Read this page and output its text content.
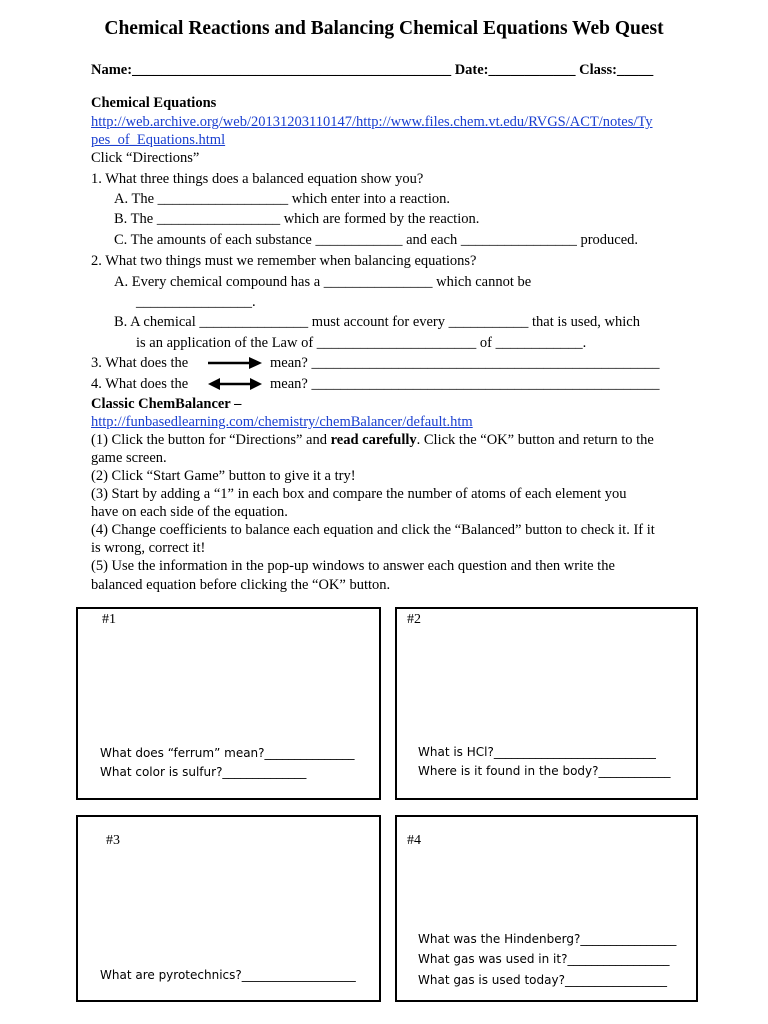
Chemical Reactions and Balancing Chemical Equations Web Quest
Name:____________________________________________ Date:____________ Class:_____
Chemical Equations
http://web.archive.org/web/20131203110147/http://www.files.chem.vt.edu/RVGS/ACT/notes/Ty
pes_of_Equations.html
Click “Directions”
1. What three things does a balanced equation show you?
A. The __________________ which enter into a reaction.
B. The _________________ which are formed by the reaction.
C. The amounts of each substance ____________ and each ________________ produced.
2. What two things must we remember when balancing equations?
A. Every chemical compound has a _______________ which cannot be
________________.
B. A chemical _______________ must account for every ___________ that is used, which
is an application of the Law of ______________________ of ____________.
3. What does the	mean? ________________________________________________
4. What does the	mean? ________________________________________________
Classic ChemBalancer –
http://funbasedlearning.com/chemistry/chemBalancer/default.htm
(1) Click the button for “Directions” and read carefully. Click the “OK” button and return to the
game screen.
(2) Click “Start Game” button to give it a try!
(3) Start by adding a “1” in each box and compare the number of atoms of each element you
have on each side of the equation.
(4) Change coefficients to balance each equation and click the “Balanced” button to check it. If it
is wrong, correct it!
(5) Use the information in the pop-up windows to answer each question and then write the
balanced equation before clicking the “OK” button.
#1
What does “ferrum” mean?_______________
What color is sulfur?______________
#2
What is HCl?___________________________
Where is it found in the body?____________
#3
What are pyrotechnics?___________________
#4
What was the Hindenberg?________________
What gas was used in it?_________________
What gas is used today?_________________
